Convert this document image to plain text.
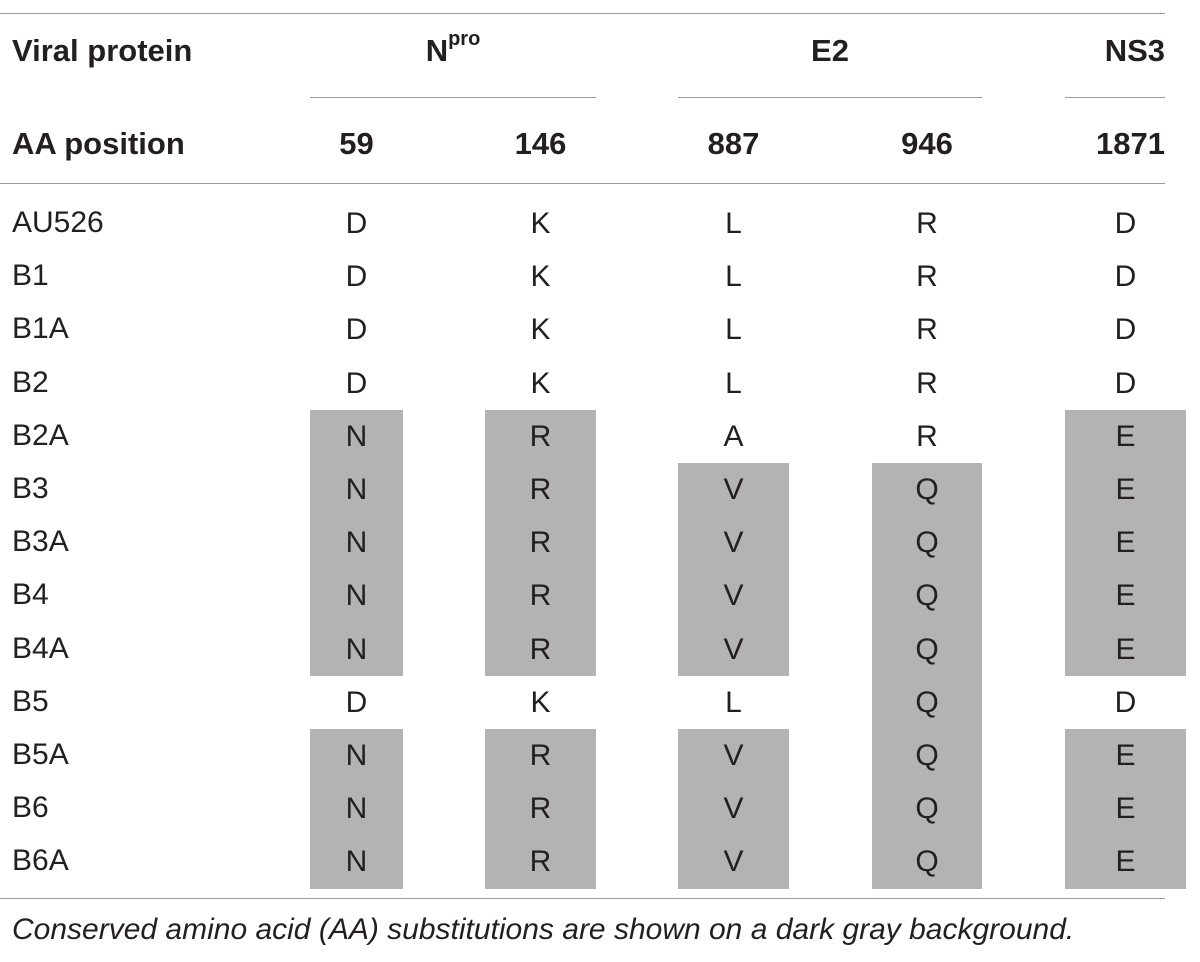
Viral protein	$N^{pro}$	E2	NS3
AA position	59	146	887	946	1871
AU526	D	K	L	R	D
B1	D	K	L	R	D
B1A	D	K	L	R	D
B2	D	K	L	R	D
B2A	N	R	A	R	E
B3	N	R	V	Q	E
B3A	N	R	V	Q	E
B4	N	R	V	Q	E
B4A	N	R	V	Q	E
B5	D	K	L	Q	D
B5A	N	R	V	Q	E
B6	N	R	V	Q	E
B6A	N	R	V	Q	E
Conserved amino acid (AA) substitutions are shown on a dark gray background.
